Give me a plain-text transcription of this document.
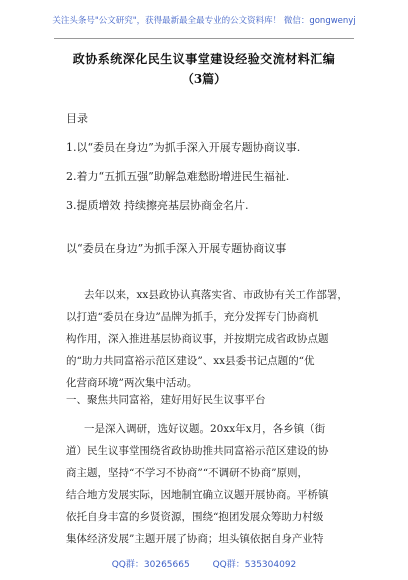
关注头条号"公文研究"，获得最新最全最专业的公文资料库！ 微信：gongwenyj
政协系统深化民生议事堂建设经验交流材料汇编
（3篇）
目录
1.以“委员在身边”为抓手深入开展专题协商议事.
2.着力“五抓五强”助解急难愁盼增进民生福祉.
3.提质增效 持续擦亮基层协商金名片.
以“委员在身边”为抓手深入开展专题协商议事
去年以来，xx县政协认真落实省、市政协有关工作部署，
以打造“委员在身边”品牌为抓手，充分发挥专门协商机
构作用，深入推进基层协商议事，并按期完成省政协点题
的“助力共同富裕示范区建设”、xx县委书记点题的“优
化营商环境”两次集中活动。
一、聚焦共同富裕，建好用好民生议事平台
一是深入调研，选好议题。20xx年x月，各乡镇（街
道）民生议事堂围绕省政协助推共同富裕示范区建设的协
商主题，坚持“不学习不协商”“不调研不协商”原则，
结合地方发展实际，因地制宜确立议题开展协商。平桥镇
依托自身丰富的乡贤资源，围绕“抱团发展众筹助力村级
集体经济发展”主题开展了协商；坦头镇依据自身产业特
QQ群：30265665	QQ群：535304092
